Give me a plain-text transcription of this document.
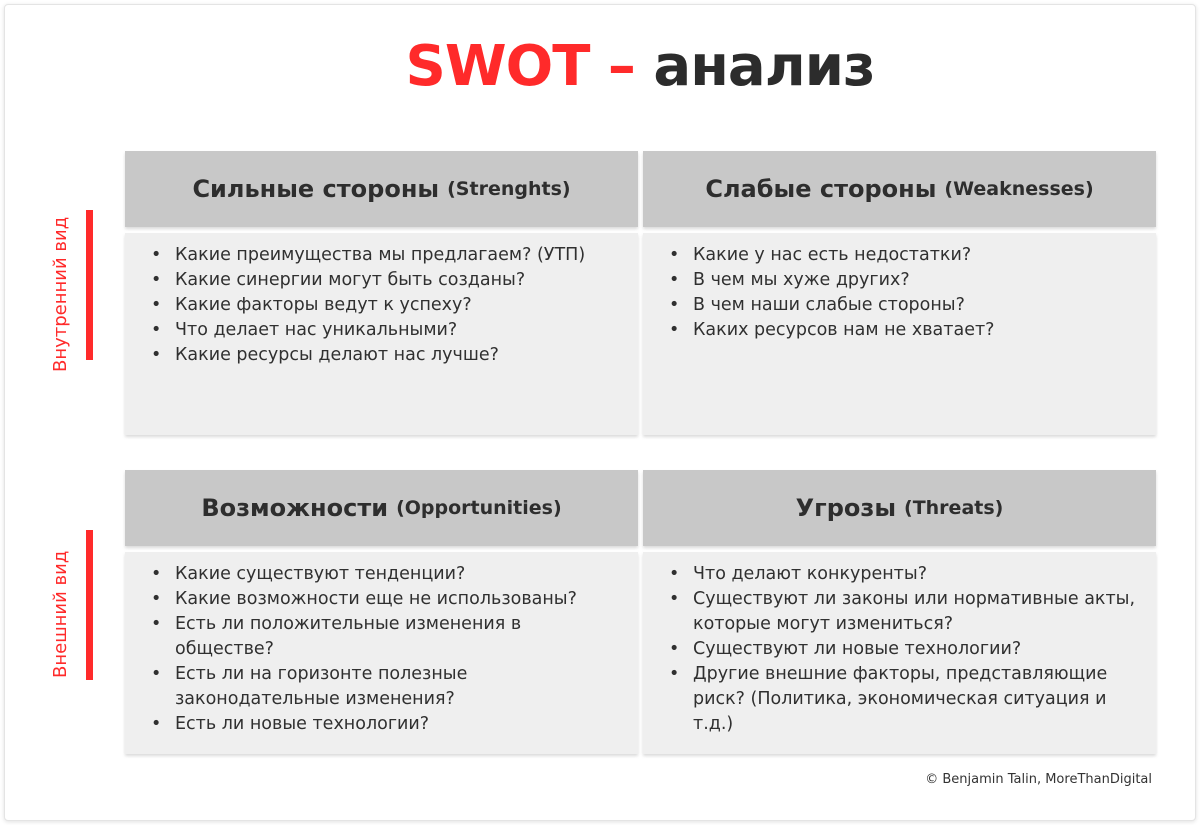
SWOT – анализ
Внутренний вид
Внешний вид
Сильные стороны (Strenghts)
• Какие преимущества мы предлагаем? (УТП)
• Какие синергии могут быть созданы?
• Какие факторы ведут к успеху?
• Что делает нас уникальными?
• Какие ресурсы делают нас лучше?
Слабые стороны (Weaknesses)
• Какие у нас есть недостатки?
• В чем мы хуже других?
• В чем наши слабые стороны?
• Каких ресурсов нам не хватает?
Возможности (Opportunities)
• Какие существуют тенденции?
• Какие возможности еще не использованы?
• Есть ли положительные изменения в обществе?
• Есть ли на горизонте полезные законодательные изменения?
• Есть ли новые технологии?
Угрозы (Threats)
• Что делают конкуренты?
• Существуют ли законы или нормативные акты, которые могут измениться?
• Существуют ли новые технологии?
• Другие внешние факторы, представляющие риск? (Политика, экономическая ситуация и т.д.)
© Benjamin Talin, MoreThanDigital
